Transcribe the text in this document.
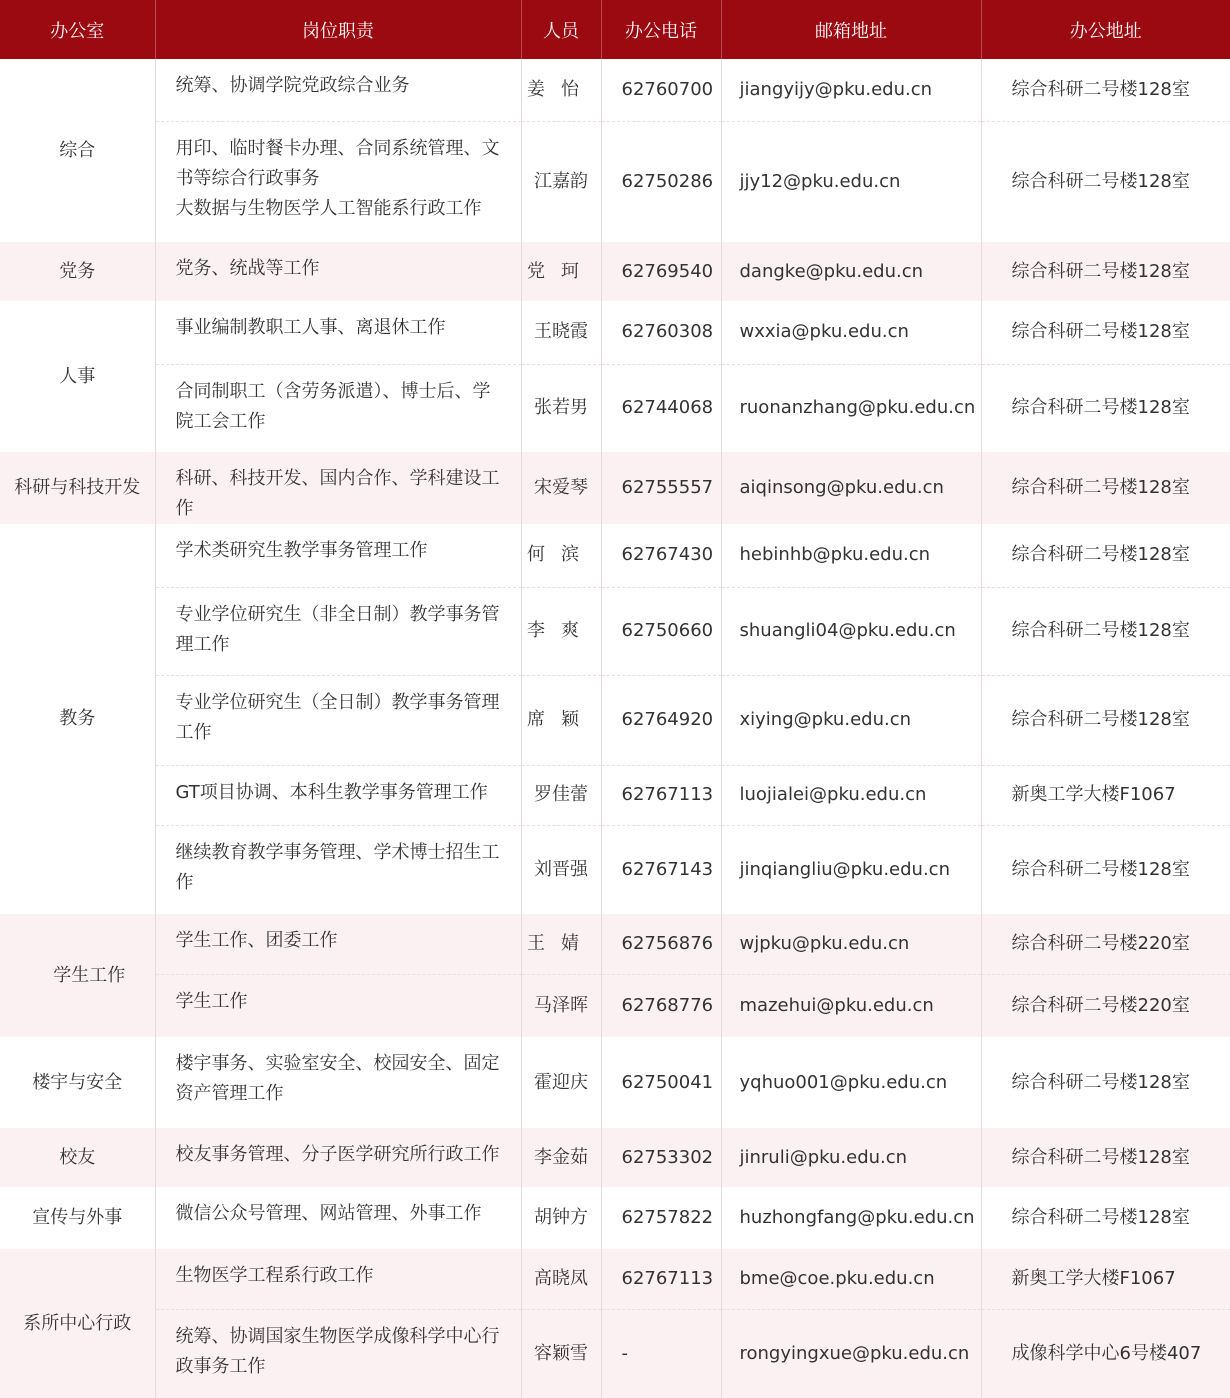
办公室	岗位职责	人员	办公电话	邮箱地址	办公地址
综合	统筹、协调学院党政综合业务	姜怡	62760700	jiangyijy@pku.edu.cn	综合科研二号楼128室

	用印、临时餐卡办理、合同系统管理、文书等综合行政事务
大数据与生物医学人工智能系行政工作	江嘉韵	62750286	jjy12@pku.edu.cn	综合科研二号楼128室
党务	党务、统战等工作	党珂	62769540	dangke@pku.edu.cn	综合科研二号楼128室
人事	事业编制教职工人事、离退休工作	王晓霞	62760308	wxxia@pku.edu.cn	综合科研二号楼128室

	合同制职工（含劳务派遣）、博士后、学院工会工作	张若男	62744068	ruonanzhang@pku.edu.cn	综合科研二号楼128室
科研与科技开发	科研、科技开发、国内合作、学科建设工作	宋爱琴	62755557	aiqinsong@pku.edu.cn	综合科研二号楼128室
教务	学术类研究生教学事务管理工作	何滨	62767430	hebinhb@pku.edu.cn	综合科研二号楼128室

	专业学位研究生（非全日制）教学事务管理工作	李爽	62750660	shuangli04@pku.edu.cn	综合科研二号楼128室

	专业学位研究生（全日制）教学事务管理工作	席颖	62764920	xiying@pku.edu.cn	综合科研二号楼128室

	GT项目协调、本科生教学事务管理工作	罗佳蕾	62767113	luojialei@pku.edu.cn	新奥工学大楼F1067

	继续教育教学事务管理、学术博士招生工作	刘晋强	62767143	jinqiangliu@pku.edu.cn	综合科研二号楼128室
学生工作	学生工作、团委工作	王婧	62756876	wjpku@pku.edu.cn	综合科研二号楼220室

	学生工作	马泽晖	62768776	mazehui@pku.edu.cn	综合科研二号楼220室
楼宇与安全	楼宇事务、实验室安全、校园安全、固定资产管理工作	霍迎庆	62750041	yqhuo001@pku.edu.cn	综合科研二号楼128室
校友	校友事务管理、分子医学研究所行政工作	李金茹	62753302	jinruli@pku.edu.cn	综合科研二号楼128室
宣传与外事	微信公众号管理、网站管理、外事工作	胡钟方	62757822	huzhongfang@pku.edu.cn	综合科研二号楼128室
系所中心行政	生物医学工程系行政工作	高晓凤	62767113	bme@coe.pku.edu.cn	新奥工学大楼F1067

	统筹、协调国家生物医学成像科学中心行政事务工作	容颖雪	-	rongyingxue@pku.edu.cn	成像科学中心6号楼407
